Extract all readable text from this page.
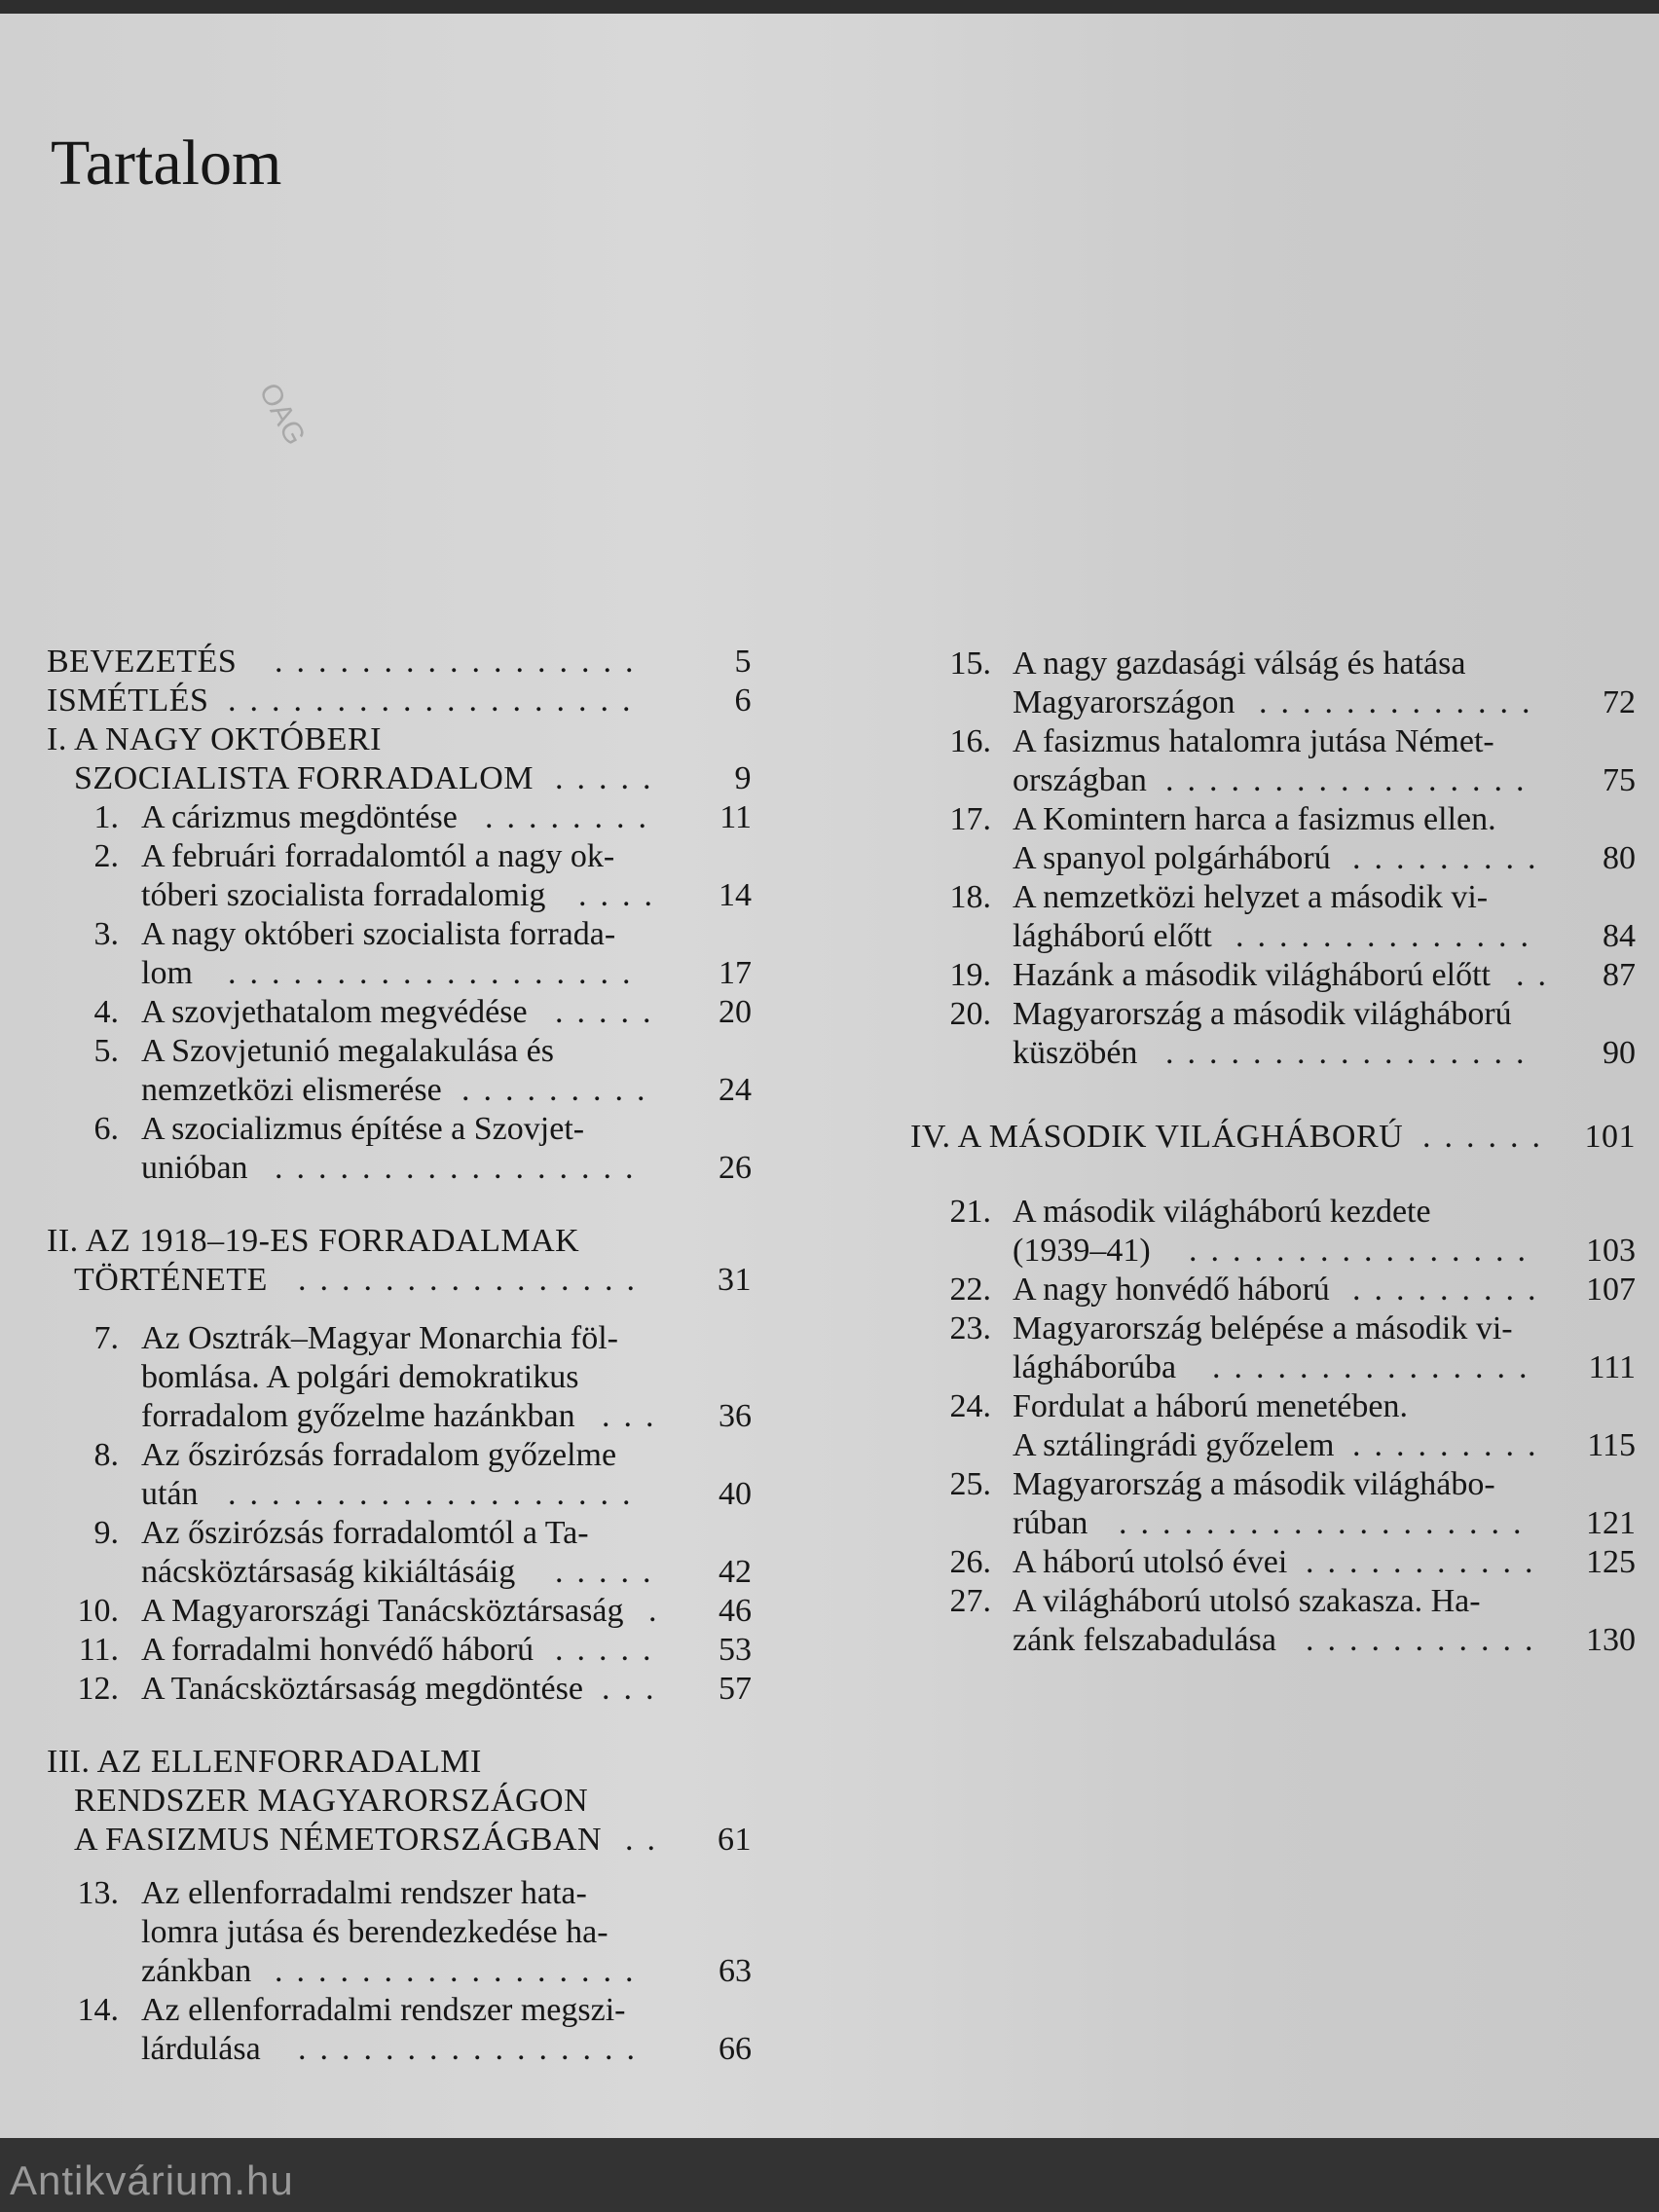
Tartalom
OAG
BEVEZETÉS .................	5
ISMÉTLÉS ...................	6
I. A NAGY OKTÓBERI
SZOCIALISTA FORRADALOM .....	9
1. A cárizmus megdöntése ........	11
2. A februári forradalomtól a nagy ok-
tóberi szocialista forradalomig ....	14
3. A nagy októberi szocialista forrada-
lom ...................	17
4. A szovjethatalom megvédése .....	20
5. A Szovjetunió megalakulása és
nemzetközi elismerése .........	24
6. A szocializmus építése a Szovjet-
unióban .................	26
II. AZ 1918–19-ES FORRADALMAK
TÖRTÉNETE ................	31
7. Az Osztrák–Magyar Monarchia föl-
bomlása. A polgári demokratikus
forradalom győzelme hazánkban ...	36
8. Az őszirózsás forradalom győzelme
után ...................	40
9. Az őszirózsás forradalomtól a Ta-
nácsköztársaság kikiáltásáig .....	42
10. A Magyarországi Tanácsköztársaság .	46
11. A forradalmi honvédő háború .....	53
12. A Tanácsköztársaság megdöntése ...	57
III. AZ ELLENFORRADALMI
RENDSZER MAGYARORSZÁGON
A FASIZMUS NÉMETORSZÁGBAN ..	61
13. Az ellenforradalmi rendszer hata-
lomra jutása és berendezkedése ha-
zánkban .................	63
14. Az ellenforradalmi rendszer megszi-
lárdulása ................	66
15. A nagy gazdasági válság és hatása
Magyarországon .............	72
16. A fasizmus hatalomra jutása Német-
országban .................	75
17. A Komintern harca a fasizmus ellen.
A spanyol polgárháború .........	80
18. A nemzetközi helyzet a második vi-
lágháború előtt ..............	84
19. Hazánk a második világháború előtt ..	87
20. Magyarország a második világháború
küszöbén .................	90
IV. A MÁSODIK VILÁGHÁBORÚ ...... 101
21. A második világháború kezdete
(1939–41) ................	103
22. A nagy honvédő háború .........	107
23. Magyarország belépése a második vi-
lágháborúba ...............	111
24. Fordulat a háború menetében.
A sztálingrádi győzelem .........	115
25. Magyarország a második világhábo-
rúban ...................	121
26. A háború utolsó évei ...........	125
27. A világháború utolsó szakasza. Ha-
zánk felszabadulása ...........	130
Antikvárium.hu
